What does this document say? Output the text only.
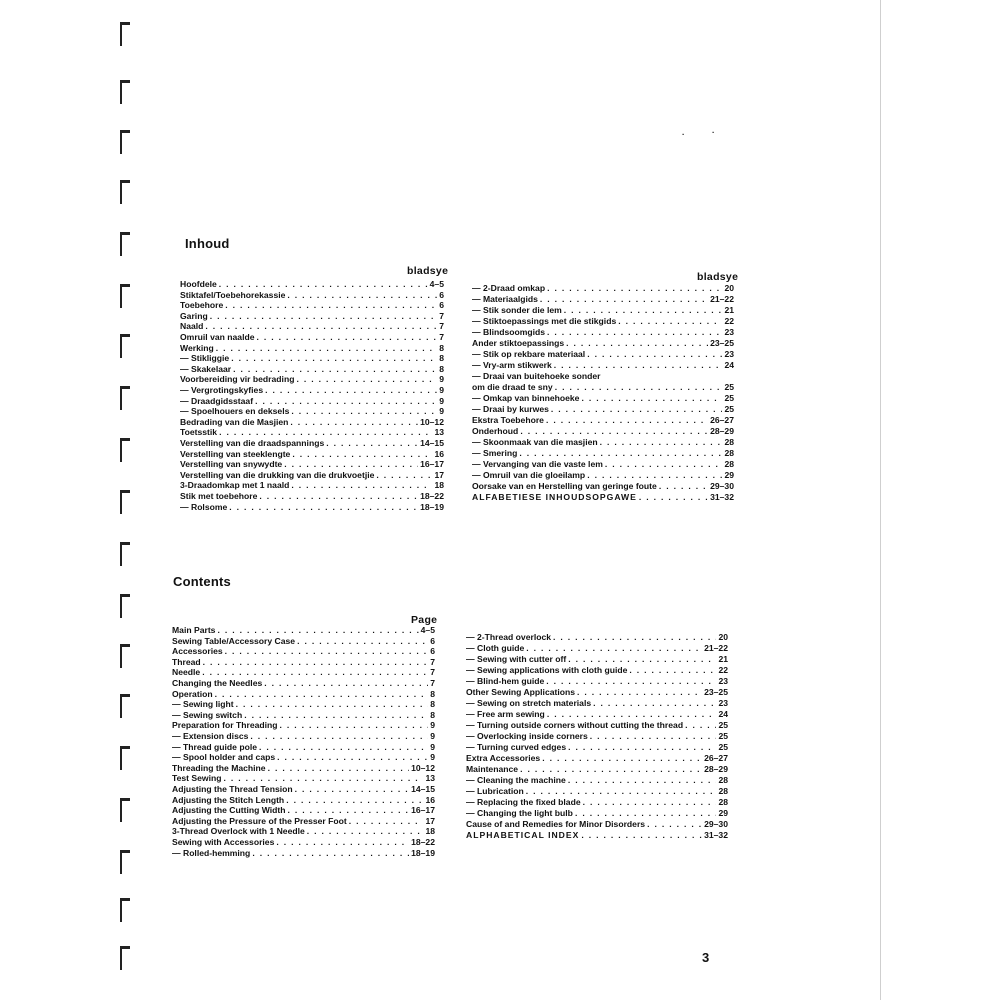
.	.
Inhoud
bladsye
Hoofdele . . .	4–5
Stiktafel/Toebehorekassie . . .	6
Toebehore . . .	6
Garing . . .	7
Naald . . .	7
Omruil van naalde . . .	7
Werking . . .	8
— Stikliggie . . .	8
— Skakelaar . . .	8
Voorbereiding vir bedrading . . .	9
— Vergrotingskyfies . . .	9
— Draadgidsstaaf . . .	9
— Spoelhouers en deksels . . .	9
Bedrading van die Masjien . . .	10–12
Toetsstik . . .	13
Verstelling van die draadspannings . . .	14–15
Verstelling van steeklengte . . .	16
Verstelling van snywydte . . .	16–17
Verstelling van die drukking van die drukvoetjie . . .	17
3-Draadomkap met 1 naald . . .	18
Stik met toebehore . . .	18–22
— Rolsome . . .	18–19
bladsye
— 2-Draad omkap . . .	20
— Materiaalgids . . .	21–22
— Stik sonder die lem . . .	21
— Stiktoepassings met die stikgids . . .	22
— Blindsoomgids . . .	23
Ander stiktoepassings . . .	23–25
— Stik op rekbare materiaal . . .	23
— Vry-arm stikwerk . . .	24
— Draai van buitehoeke sonder
om die draad te sny . . .	25
— Omkap van binnehoeke . . .	25
— Draai by kurwes . . .	25
Ekstra Toebehore . . .	26–27
Onderhoud . . .	28–29
— Skoonmaak van die masjien . . .	28
— Smering . . .	28
— Vervanging van die vaste lem . . .	28
— Omruil van die gloeilamp . . .	29
Oorsake van en Herstelling van geringe foute . . .	29–30
ALFABETIESE INHOUDSOPGAWE . . .	31–32
Contents
Page
Main Parts . . .	4–5
Sewing Table/Accessory Case . . .	6
Accessories . . .	6
Thread . . .	7
Needle . . .	7
Changing the Needles . . .	7
Operation . . .	8
— Sewing light . . .	8
— Sewing switch . . .	8
Preparation for Threading . . .	9
— Extension discs . . .	9
— Thread guide pole . . .	9
— Spool holder and caps . . .	9
Threading the Machine . . .	10–12
Test Sewing . . .	13
Adjusting the Thread Tension . . .	14–15
Adjusting the Stitch Length . . .	16
Adjusting the Cutting Width . . .	16–17
Adjusting the Pressure of the Presser Foot . . .	17
3-Thread Overlock with 1 Needle . . .	18
Sewing with Accessories . . .	18–22
— Rolled-hemming . . .	18–19
— 2-Thread overlock . . .	20
— Cloth guide . . .	21–22
— Sewing with cutter off . . .	21
— Sewing applications with cloth guide . . .	22
— Blind-hem guide . . .	23
Other Sewing Applications . . .	23–25
— Sewing on stretch materials . . .	23
— Free arm sewing . . .	24
— Turning outside corners without cutting the thread . . .	25
— Overlocking inside corners . . .	25
— Turning curved edges . . .	25
Extra Accessories . . .	26–27
Maintenance . . .	28–29
— Cleaning the machine . . .	28
— Lubrication . . .	28
— Replacing the fixed blade . . .	28
— Changing the light bulb . . .	29
Cause of and Remedies for Minor Disorders . . .	29–30
ALPHABETICAL INDEX . . .	31–32
3
